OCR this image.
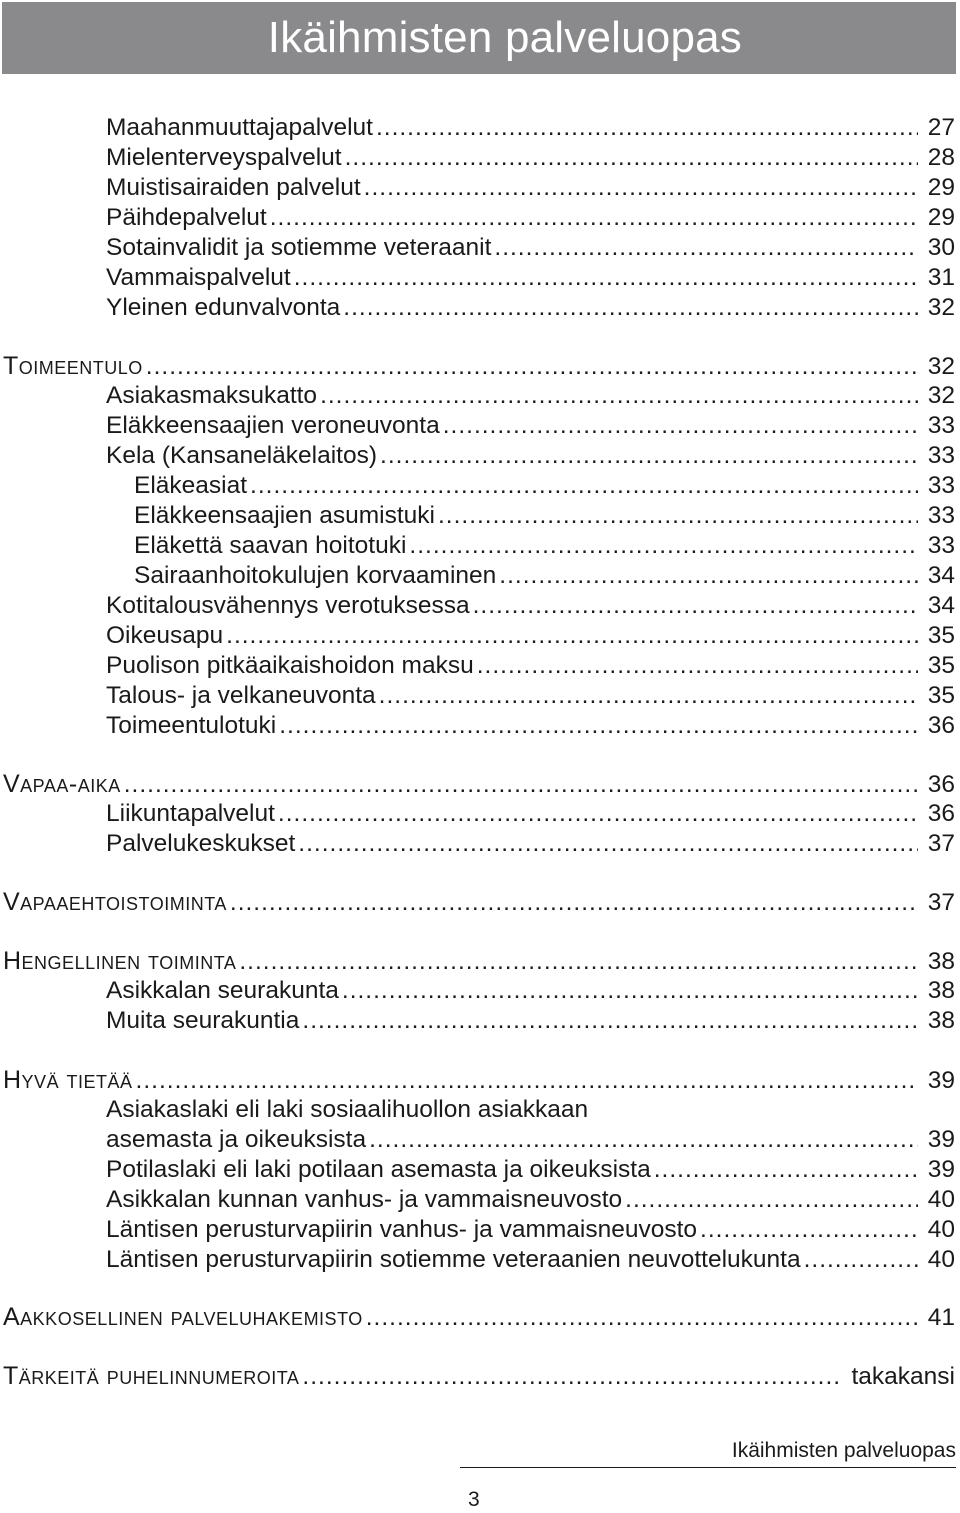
Ikäihmisten palveluopas
Maahanmuuttajapalvelut .....	27
Mielenterveyspalvelut .....	28
Muistisairaiden palvelut .....	29
Päihdepalvelut .....	29
Sotainvalidit ja sotiemme veteraanit .....	30
Vammaispalvelut .....	31
Yleinen edunvalvonta .....	32
Toimeentulo .....	32
Asiakasmaksukatto .....	32
Eläkkeensaajien veroneuvonta .....	33
Kela (Kansaneläkelaitos) .....	33
Eläkeasiat .....	33
Eläkkeensaajien asumistuki .....	33
Eläkettä saavan hoitotuki .....	33
Sairaanhoitokulujen korvaaminen .....	34
Kotitalousvähennys verotuksessa .....	34
Oikeusapu .....	35
Puolison pitkäaikaishoidon maksu .....	35
Talous- ja velkaneuvonta .....	35
Toimeentulotuki .....	36
Vapaa-aika .....	36
Liikuntapalvelut .....	36
Palvelukeskukset .....	37
Vapaaehtoistoiminta .....	37
Hengellinen toiminta .....	38
Asikkalan seurakunta .....	38
Muita seurakuntia .....	38
Hyvä tietää .....	39
Asiakaslaki eli laki sosiaalihuollon asiakkaan
asemasta ja oikeuksista .....	39
Potilaslaki eli laki potilaan asemasta ja oikeuksista .....	39
Asikkalan kunnan vanhus- ja vammaisneuvosto .....	40
Läntisen perusturvapiirin vanhus- ja vammaisneuvosto .....	40
Läntisen perusturvapiirin sotiemme veteraanien neuvottelukunta .....	40
Aakkosellinen palveluhakemisto .....	41
Tärkeitä puhelinnumeroita .....	takakansi
Ikäihmisten palveluopas
3
